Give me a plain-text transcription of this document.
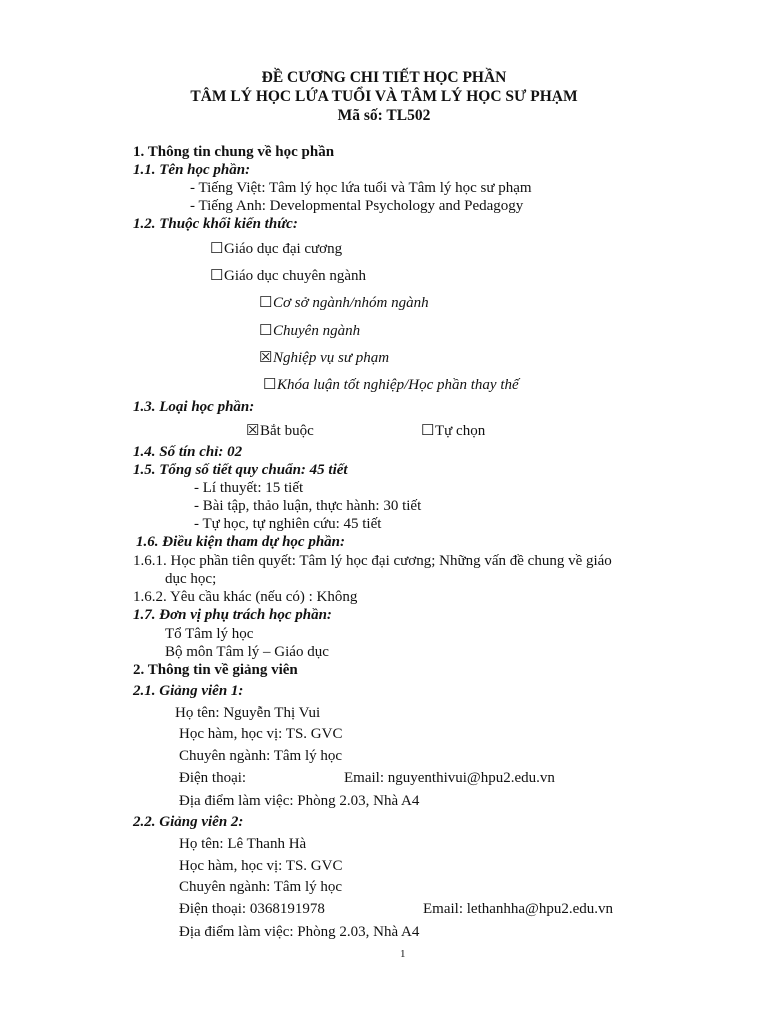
ĐỀ CƯƠNG CHI TIẾT HỌC PHẦN
TÂM LÝ HỌC LỨA TUỔI VÀ TÂM LÝ HỌC SƯ PHẠM
Mã số: TL502
1. Thông tin chung về học phần
1.1. Tên học phần:
- Tiếng Việt: Tâm lý học lứa tuổi và Tâm lý học sư phạm
- Tiếng Anh: Developmental Psychology and Pedagogy
1.2. Thuộc khối kiến thức:
☐Giáo dục đại cương
☐Giáo dục chuyên ngành
☐Cơ sở ngành/nhóm ngành
☐Chuyên ngành
☒Nghiệp vụ sư phạm
☐Khóa luận tốt nghiệp/Học phần thay thế
1.3. Loại học phần:
☒Bắt buộc	☐Tự chọn
1.4. Số tín chỉ: 02
1.5. Tổng số tiết quy chuẩn: 45 tiết
- Lí thuyết: 15 tiết
- Bài tập, thảo luận, thực hành: 30 tiết
- Tự học, tự nghiên cứu: 45 tiết
1.6. Điều kiện tham dự học phần:
1.6.1. Học phần tiên quyết: Tâm lý học đại cương; Những vấn đề chung về giáo
dục học;
1.6.2. Yêu cầu khác (nếu có) : Không
1.7. Đơn vị phụ trách học phần:
Tổ Tâm lý học
Bộ môn Tâm lý – Giáo dục
2. Thông tin về giảng viên
2.1. Giảng viên 1:
Họ tên: Nguyễn Thị Vui
Học hàm, học vị: TS. GVC
Chuyên ngành: Tâm lý học
Điện thoại:	Email: nguyenthivui@hpu2.edu.vn
Địa điểm làm việc: Phòng 2.03, Nhà A4
2.2. Giảng viên 2:
Họ tên: Lê Thanh Hà
Học hàm, học vị: TS. GVC
Chuyên ngành: Tâm lý học
Điện thoại: 0368191978	Email: lethanhha@hpu2.edu.vn
Địa điểm làm việc: Phòng 2.03, Nhà A4
1
